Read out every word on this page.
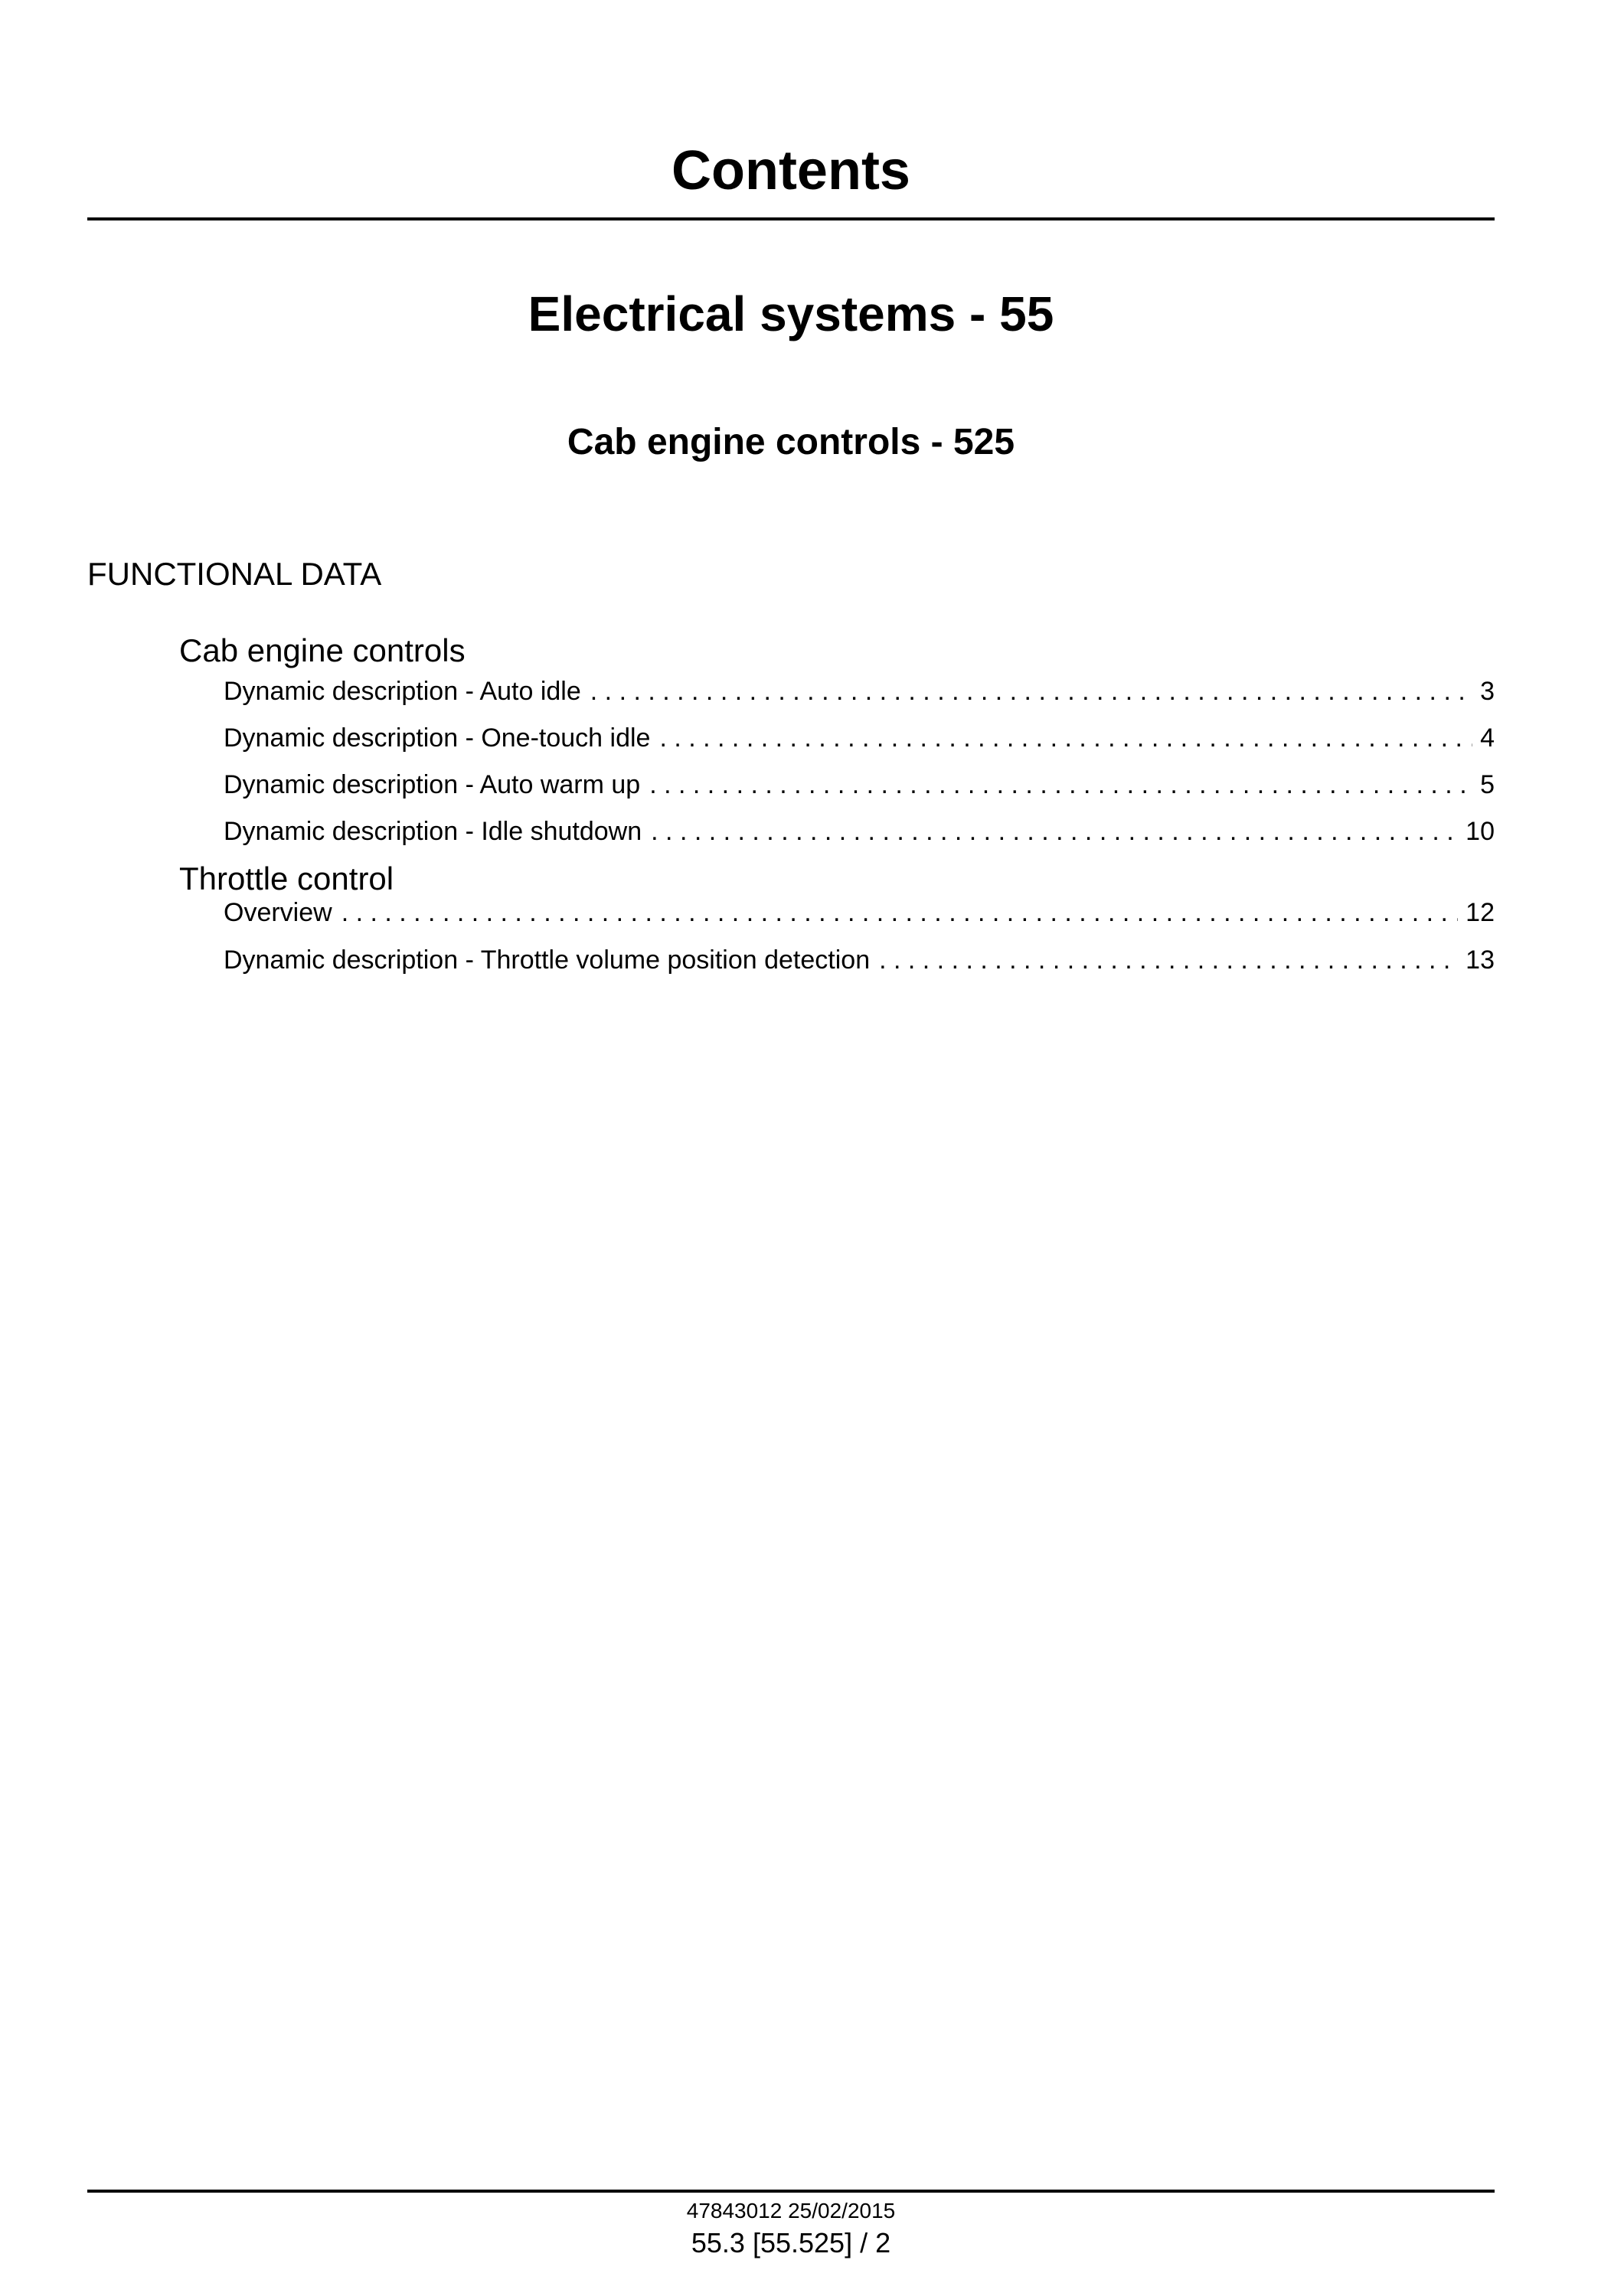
Contents
Electrical systems - 55
Cab engine controls - 525
FUNCTIONAL DATA
Cab engine controls
Dynamic description - Auto idle . . .	3
Dynamic description - One-touch idle . . .	4
Dynamic description - Auto warm up . . .	5
Dynamic description - Idle shutdown . . .	10
Throttle control
Overview . . .	12
Dynamic description - Throttle volume position detection . . .	13
47843012 25/02/2015
55.3 [55.525] / 2
